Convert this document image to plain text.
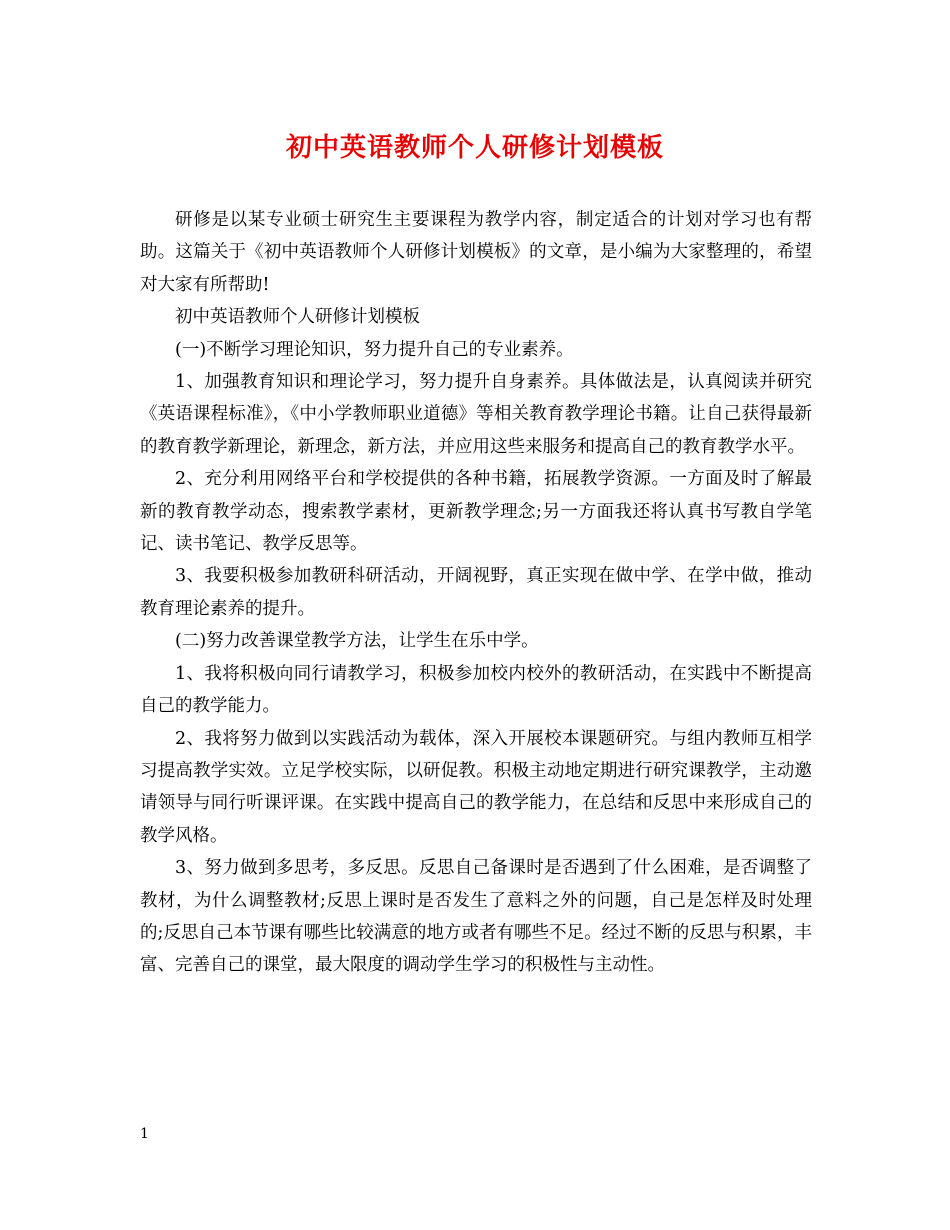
初中英语教师个人研修计划模板

研修是以某专业硕士研究生主要课程为教学内容，制定适合的计划对学习也有帮助。这篇关于《初中英语教师个人研修计划模板》的文章，是小编为大家整理的，希望对大家有所帮助!

初中英语教师个人研修计划模板

(一)不断学习理论知识，努力提升自己的专业素养。

1、加强教育知识和理论学习，努力提升自身素养。具体做法是，认真阅读并研究《英语课程标准》，《中小学教师职业道德》等相关教育教学理论书籍。让自己获得最新的教育教学新理论，新理念，新方法，并应用这些来服务和提高自己的教育教学水平。

2、充分利用网络平台和学校提供的各种书籍，拓展教学资源。一方面及时了解最新的教育教学动态，搜索教学素材，更新教学理念;另一方面我还将认真书写教自学笔记、读书笔记、教学反思等。

3、我要积极参加教研科研活动，开阔视野，真正实现在做中学、在学中做，推动教育理论素养的提升。

(二)努力改善课堂教学方法，让学生在乐中学。

1、我将积极向同行请教学习，积极参加校内校外的教研活动，在实践中不断提高自己的教学能力。

2、我将努力做到以实践活动为载体，深入开展校本课题研究。与组内教师互相学习提高教学实效。立足学校实际，以研促教。积极主动地定期进行研究课教学，主动邀请领导与同行听课评课。在实践中提高自己的教学能力，在总结和反思中来形成自己的教学风格。

3、努力做到多思考，多反思。反思自己备课时是否遇到了什么困难，是否调整了教材，为什么调整教材;反思上课时是否发生了意料之外的问题，自己是怎样及时处理的;反思自己本节课有哪些比较满意的地方或者有哪些不足。经过不断的反思与积累，丰富、完善自己的课堂，最大限度的调动学生学习的积极性与主动性。

1
